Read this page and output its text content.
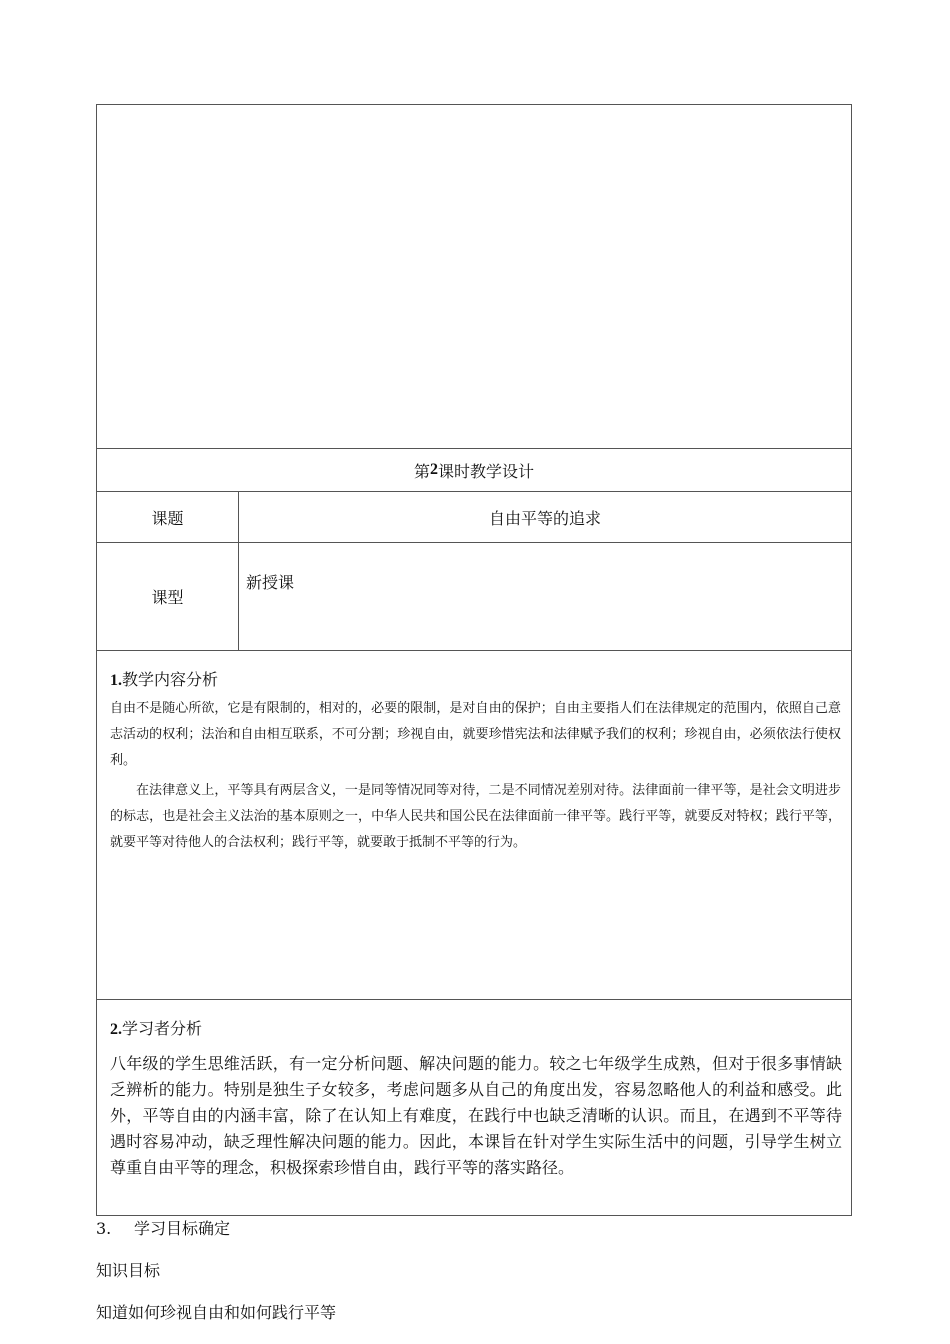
第 2 课时教学设计
课题	自由平等的追求
课型
新授课
1.教学内容分析

自由不是随心所欲，它是有限制的，相对的，必要的限制，是对自由的保护；自由主要指人们在法律规定的范围内，依照自己意志活动的权利；法治和自由相互联系，不可分割；珍视自由，就要珍惜宪法和法律赋予我们的权利；珍视自由，必须依法行使权利。

在法律意义上，平等具有两层含义，一是同等情况同等对待，二是不同情况差别对待。法律面前一律平等，是社会文明进步的标志，也是社会主义法治的基本原则之一，中华人民共和国公民在法律面前一律平等。践行平等，就要反对特权；践行平等，就要平等对待他人的合法权利；践行平等，就要敢于抵制不平等的行为。

2.学习者分析

八年级的学生思维活跃，有一定分析问题、解决问题的能力。较之七年级学生成熟，但对于很多事情缺乏辨析的能力。特别是独生子女较多，考虑问题多从自己的角度出发，容易忽略他人的利益和感受。此外，平等自由的内涵丰富，除了在认知上有难度，在践行中也缺乏清晰的认识。而且，在遇到不平等待遇时容易冲动，缺乏理性解决问题的能力。因此，本课旨在针对学生实际生活中的问题，引导学生树立尊重自由平等的理念，积极探索珍惜自由，践行平等的落实路径。

3. 学习目标确定
知识目标
知道如何珍视自由和如何践行平等
